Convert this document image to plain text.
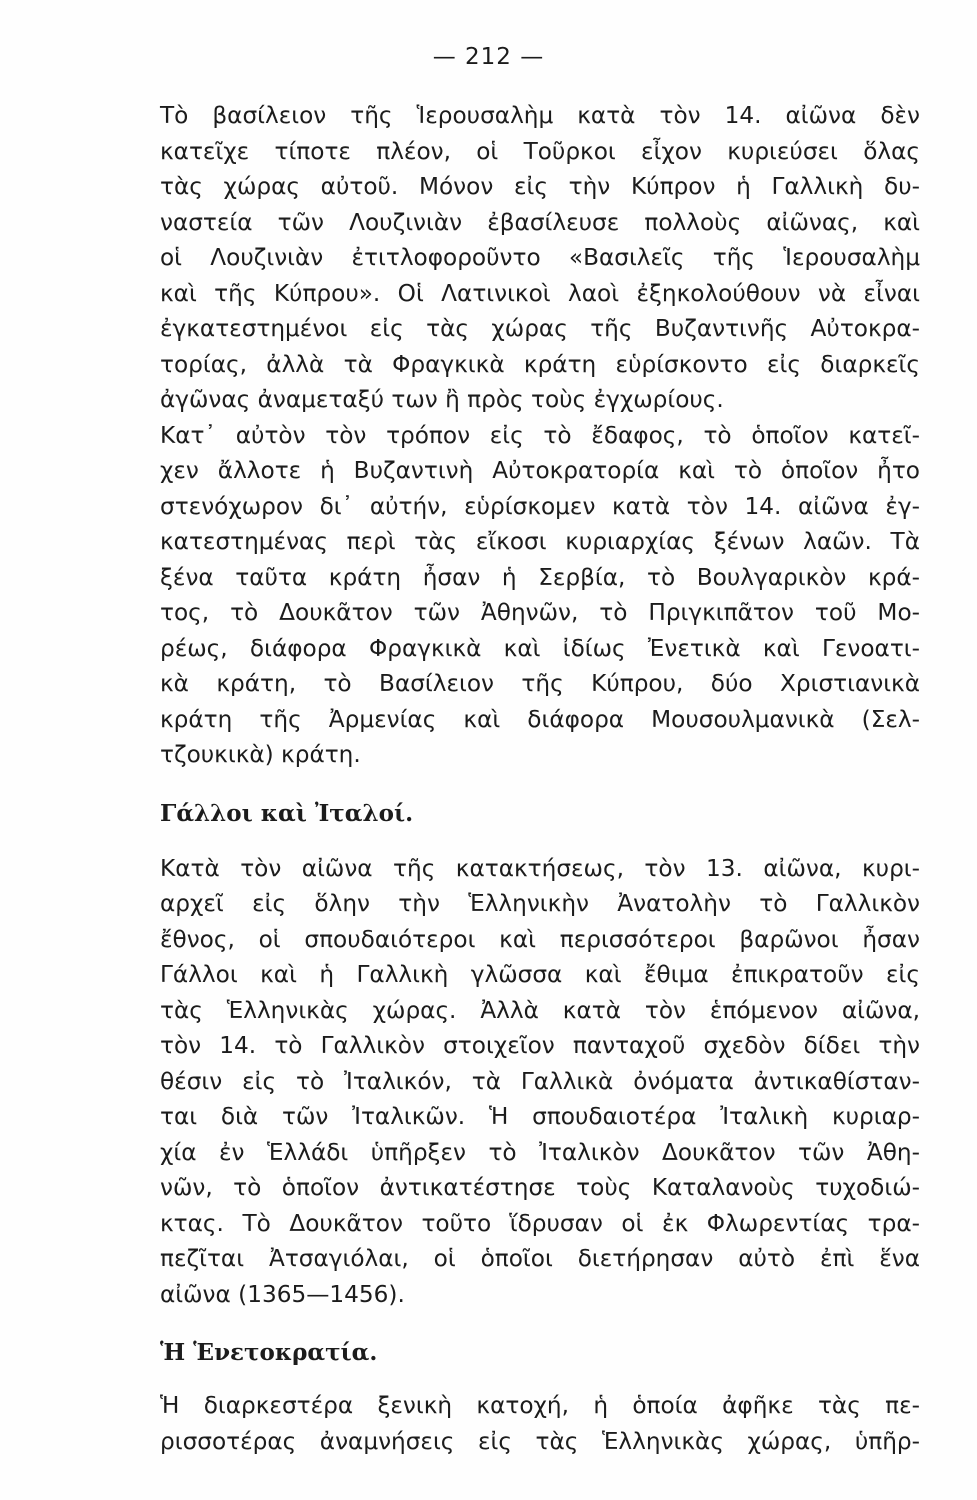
— 212 —
Τὸ βασίλειον τῆς Ἱερουσαλὴμ κατὰ τὸν 14. αἰῶνα δὲν
κατεῖχε τίποτε πλέον, οἱ Τοῦρκοι εἶχον κυριεύσει ὅλας
τὰς χώρας αὐτοῦ. Μόνον εἰς τὴν Κύπρον ἡ Γαλλικὴ δυ-
ναστεία τῶν Λουζινιὰν ἐβασίλευσε πολλοὺς αἰῶνας, καὶ
οἱ Λουζινιὰν ἐτιτλοφοροῦντο «Βασιλεῖς τῆς Ἱερουσαλὴμ
καὶ τῆς Κύπρου». Οἱ Λατινικοὶ λαοὶ ἐξηκολούθουν νὰ εἶναι
ἐγκατεστημένοι εἰς τὰς χώρας τῆς Βυζαντινῆς Αὐτοκρα-
τορίας, ἀλλὰ τὰ Φραγκικὰ κράτη εὑρίσκοντο εἰς διαρκεῖς
ἀγῶνας ἀναμεταξύ των ἢ πρὸς τοὺς ἐγχωρίους.
Κατ᾽ αὐτὸν τὸν τρόπον εἰς τὸ ἔδαφος, τὸ ὁποῖον κατεῖ-
χεν ἄλλοτε ἡ Βυζαντινὴ Αὐτοκρατορία καὶ τὸ ὁποῖον ἦτο
στενόχωρον δι᾽ αὐτήν, εὑρίσκομεν κατὰ τὸν 14. αἰῶνα ἐγ-
κατεστημένας περὶ τὰς εἴκοσι κυριαρχίας ξένων λαῶν. Τὰ
ξένα ταῦτα κράτη ἦσαν ἡ Σερβία, τὸ Βουλγαρικὸν κρά-
τος, τὸ Δουκᾶτον τῶν Ἀθηνῶν, τὸ Πριγκιπᾶτον τοῦ Μο-
ρέως, διάφορα Φραγκικὰ καὶ ἰδίως Ἐνετικὰ καὶ Γενοατι-
κὰ κράτη, τὸ Βασίλειον τῆς Κύπρου, δύο Χριστιανικὰ
κράτη τῆς Ἀρμενίας καὶ διάφορα Μουσουλμανικὰ (Σελ-
τζουκικὰ) κράτη.
Γάλλοι καὶ Ἰταλοί.
Κατὰ τὸν αἰῶνα τῆς κατακτήσεως, τὸν 13. αἰῶνα, κυρι-
αρχεῖ εἰς ὅλην τὴν Ἑλληνικὴν Ἀνατολὴν τὸ Γαλλικὸν
ἔθνος, οἱ σπουδαιότεροι καὶ περισσότεροι βαρῶνοι ἦσαν
Γάλλοι καὶ ἡ Γαλλικὴ γλῶσσα καὶ ἔθιμα ἐπικρατοῦν εἰς
τὰς Ἑλληνικὰς χώρας. Ἀλλὰ κατὰ τὸν ἑπόμενον αἰῶνα,
τὸν 14. τὸ Γαλλικὸν στοιχεῖον πανταχοῦ σχεδὸν δίδει τὴν
θέσιν εἰς τὸ Ἰταλικόν, τὰ Γαλλικὰ ὀνόματα ἀντικαθίσταν-
ται διὰ τῶν Ἰταλικῶν. Ἡ σπουδαιοτέρα Ἰταλικὴ κυριαρ-
χία ἐν Ἑλλάδι ὑπῆρξεν τὸ Ἰταλικὸν Δουκᾶτον τῶν Ἀθη-
νῶν, τὸ ὁποῖον ἀντικατέστησε τοὺς Καταλανοὺς τυχοδιώ-
κτας. Τὸ Δουκᾶτον τοῦτο ἵδρυσαν οἱ ἐκ Φλωρεντίας τρα-
πεζῖται Ἀτσαγιόλαι, οἱ ὁποῖοι διετήρησαν αὐτὸ ἐπὶ ἕνα
αἰῶνα (1365—1456).
Ἡ Ἑνετοκρατία.
Ἡ διαρκεστέρα ξενικὴ κατοχή, ἡ ὁποία ἀφῆκε τὰς πε-
ρισσοτέρας ἀναμνήσεις εἰς τὰς Ἑλληνικὰς χώρας, ὑπῆρ-
